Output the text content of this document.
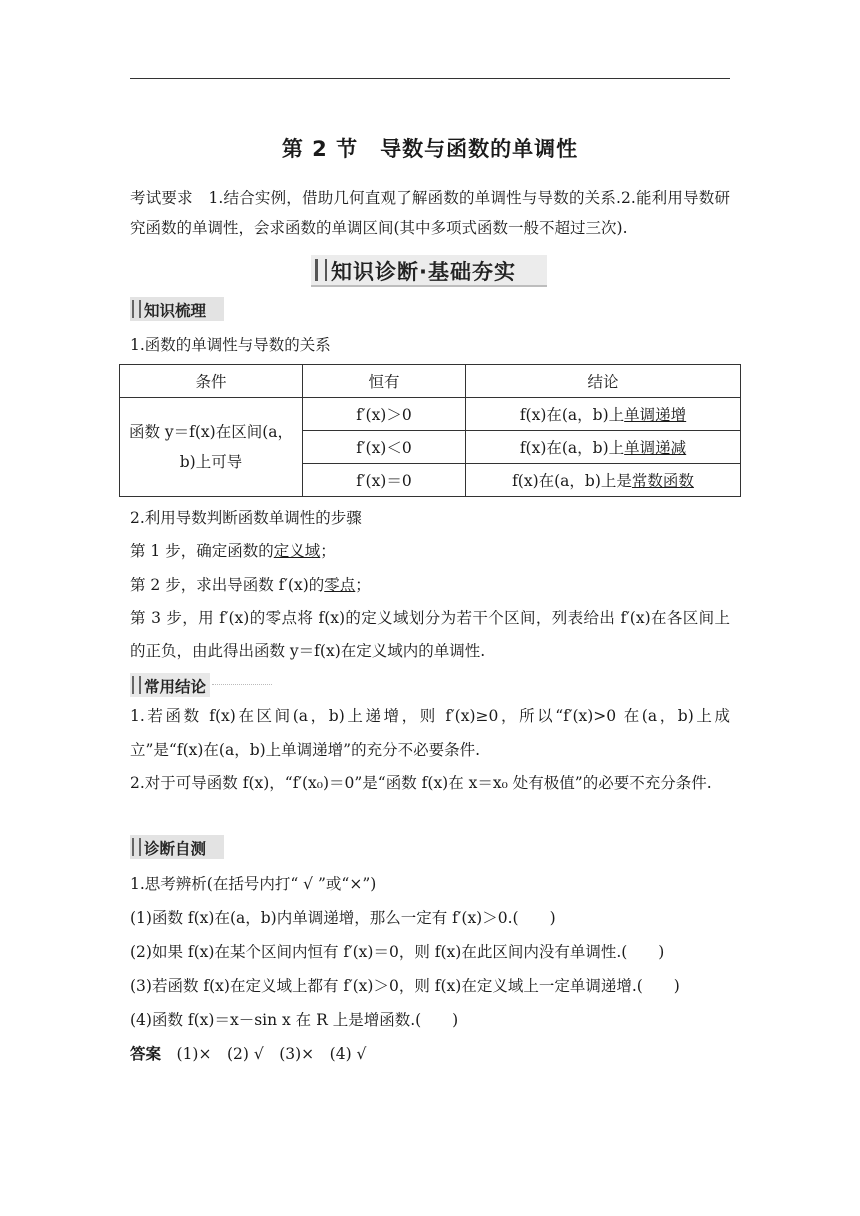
第 2 节　导数与函数的单调性
考试要求　1.结合实例，借助几何直观了解函数的单调性与导数的关系.2.能利用导数研究函数的单调性，会求函数的单调区间(其中多项式函数一般不超过三次).
知识诊断·基础夯实
知识梳理
1.函数的单调性与导数的关系
条件	恒有	结论

函数 y＝f(x)在区间(a，
b)上可导	f′(x)＞0	f(x)在(a，b)上单调递增
	f′(x)＜0	f(x)在(a，b)上单调递减
	f′(x)＝0	f(x)在(a，b)上是常数函数
2.利用导数判断函数单调性的步骤
第 1 步，确定函数的定义域；
第 2 步，求出导函数 f′(x)的零点；
第 3 步，用 f′(x)的零点将 f(x)的定义域划分为若干个区间，列表给出 f′(x)在各区间上的正负，由此得出函数 y＝f(x)在定义域内的单调性.
常用结论
1.若函数 f(x)在区间(a，b)上递增，则 f′(x)≥0，所以“f′(x)>0 在(a，b)上成立”是“f(x)在(a，b)上单调递增”的充分不必要条件.
2.对于可导函数 f(x)，“f′(x₀)＝0”是“函数 f(x)在 x＝x₀ 处有极值”的必要不充分条件.
诊断自测
1.思考辨析(在括号内打“ √ ”或“×”)
(1)函数 f(x)在(a，b)内单调递增，那么一定有 f′(x)＞0.(　　)
(2)如果 f(x)在某个区间内恒有 f′(x)＝0，则 f(x)在此区间内没有单调性.(　　)
(3)若函数 f(x)在定义域上都有 f′(x)＞0，则 f(x)在定义域上一定单调递增.(　　)
(4)函数 f(x)＝x－sin x 在 R 上是增函数.(　　)
答案　(1)×　(2) √　(3)×　(4) √
